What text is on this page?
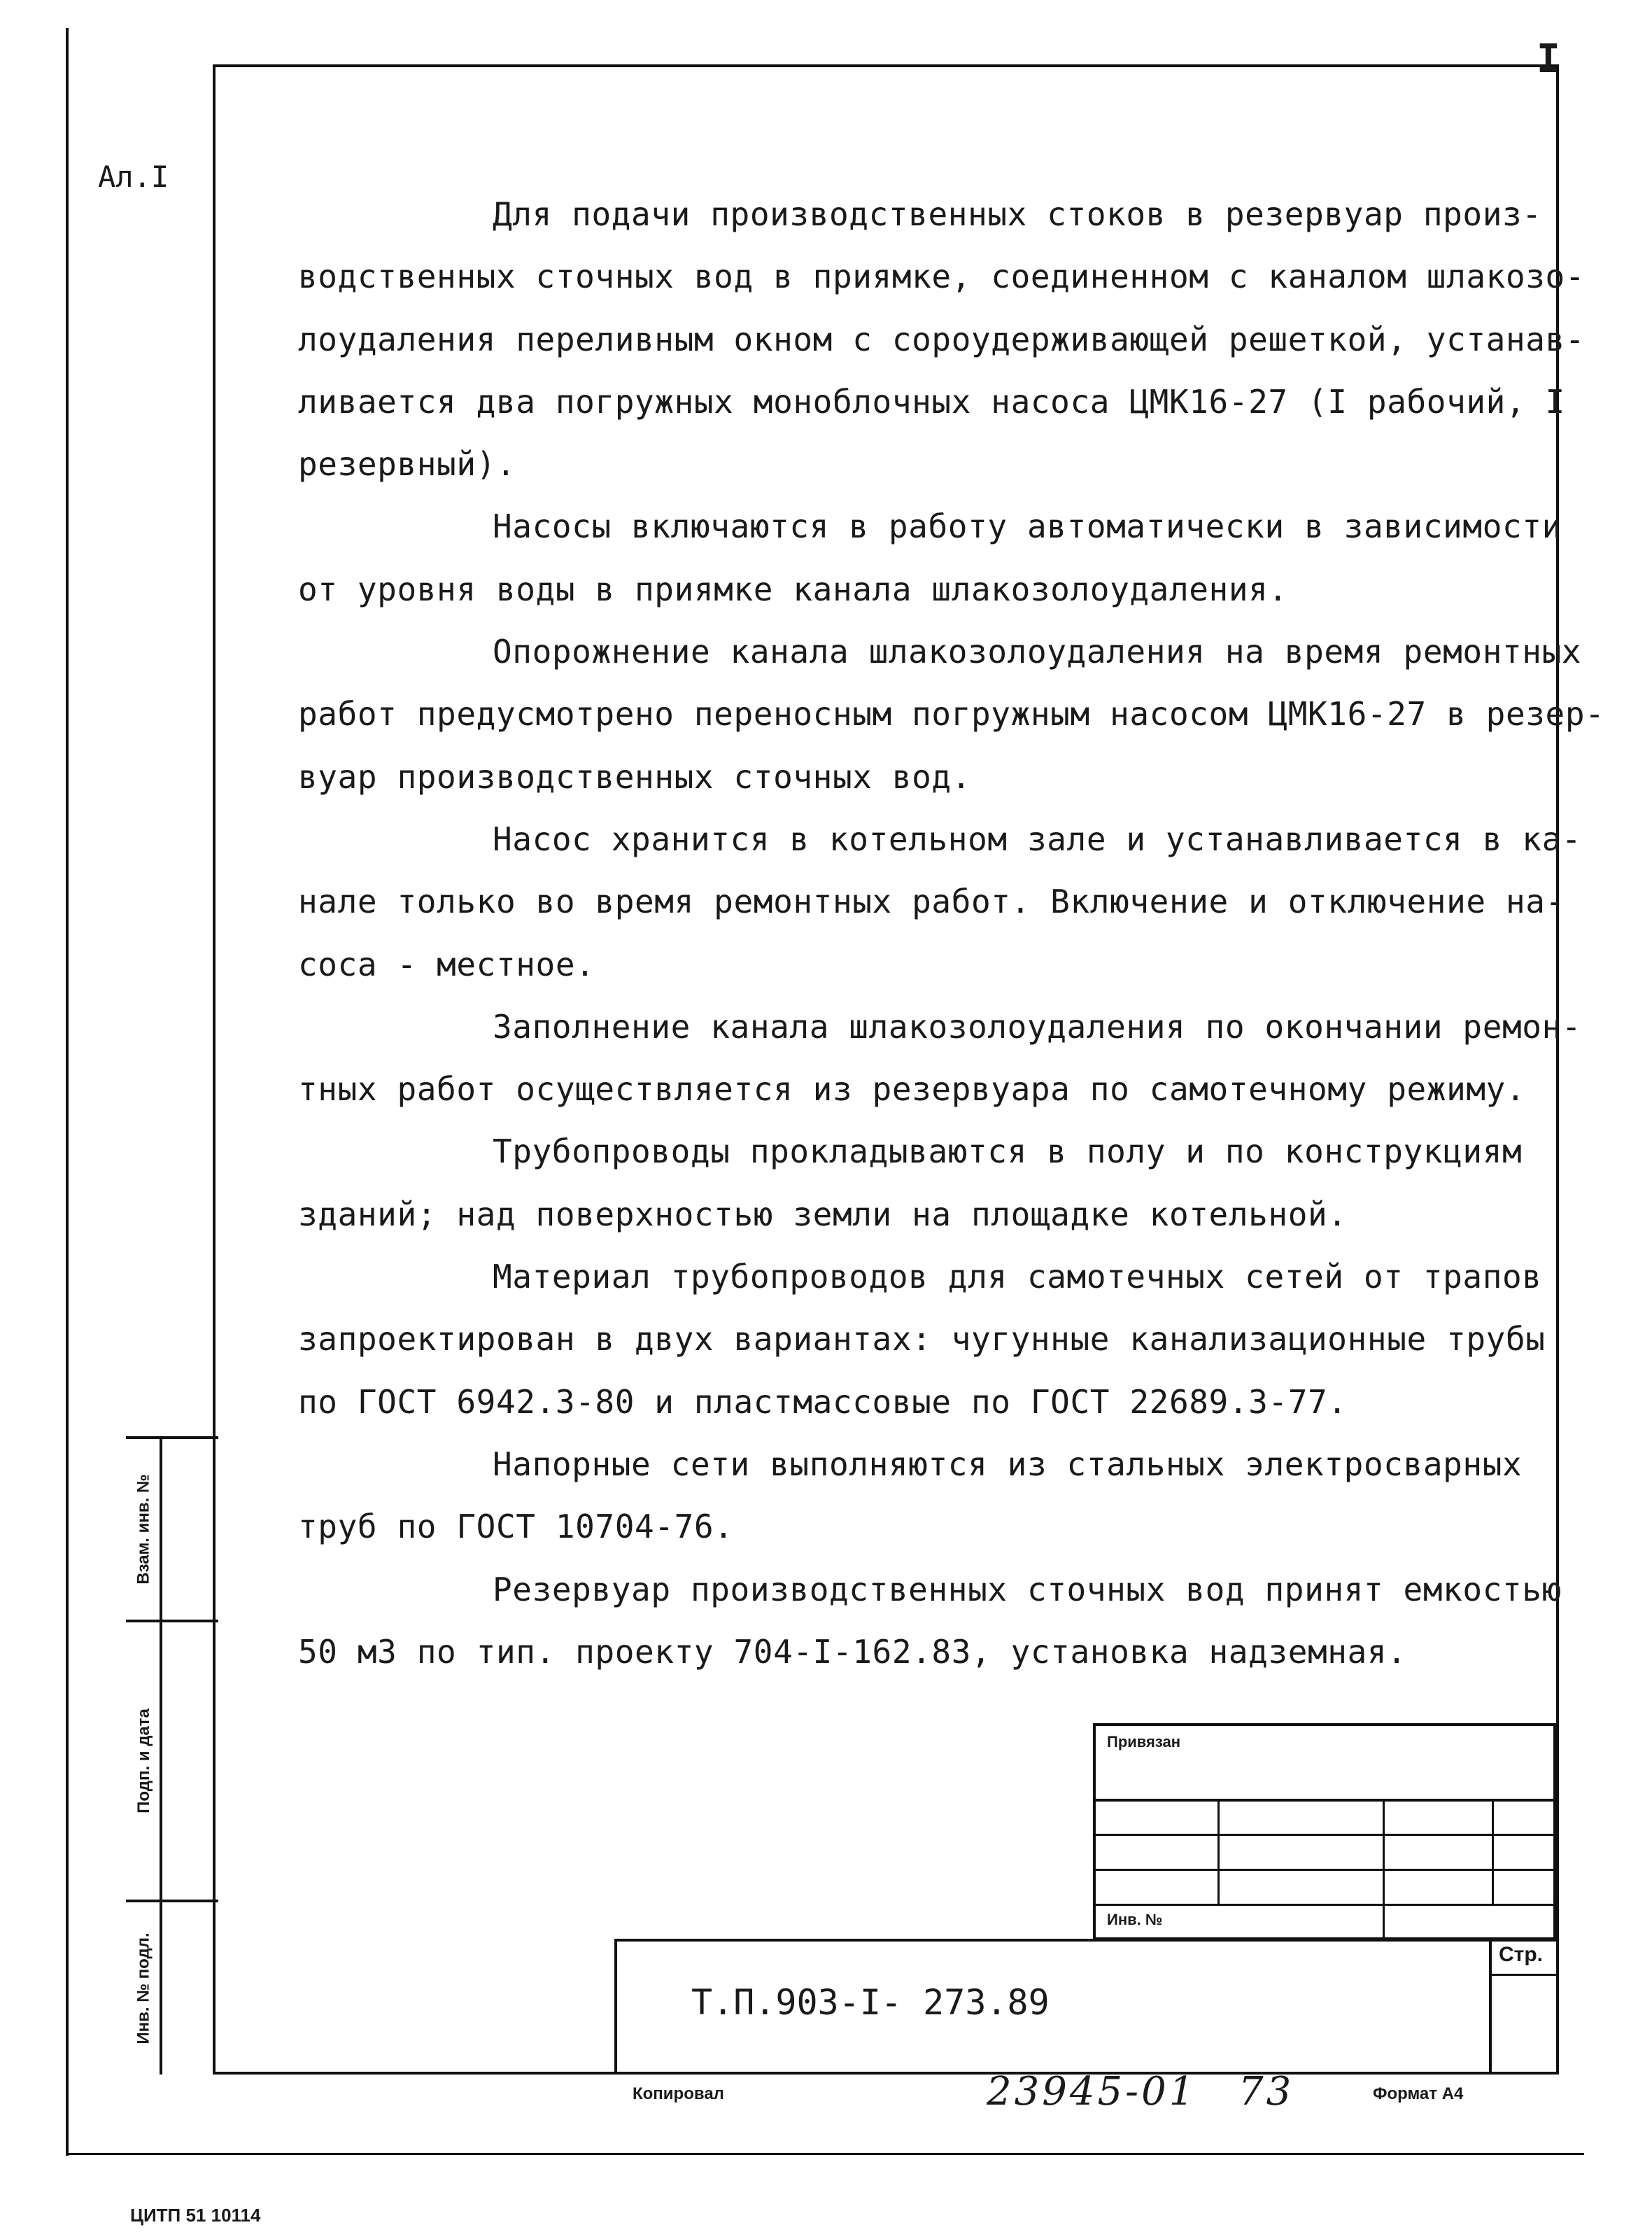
Ал.I
I
Для подачи производственных стоков в резервуар произ-
водственных сточных вод в приямке, соединенном с каналом шлакозо-
лоудаления переливным окном с сороудерживающей решеткой, устанав-
ливается два погружных моноблочных насоса ЦМК16-27 (I рабочий, I
резервный).
Насосы включаются в работу автоматически в зависимости
от уровня воды в приямке канала шлакозолоудаления.
Опорожнение канала шлакозолоудаления на время ремонтных
работ предусмотрено переносным погружным насосом ЦМК16-27 в резер-
вуар производственных сточных вод.
Насос хранится в котельном зале и устанавливается в ка-
нале только во время ремонтных работ. Включение и отключение на-
соса - местное.
Заполнение канала шлакозолоудаления по окончании ремон-
тных работ осуществляется из резервуара по самотечному режиму.
Трубопроводы прокладываются в полу и по конструкциям
зданий; над поверхностью земли на площадке котельной.
Материал трубопроводов для самотечных сетей от трапов
запроектирован в двух вариантах: чугунные канализационные трубы
по ГОСТ 6942.3-80 и пластмассовые по ГОСТ 22689.3-77.
Напорные сети выполняются из стальных электросварных
труб по ГОСТ 10704-76.
Резервуар производственных сточных вод принят емкостью
50 м3 по тип. проекту 704-I-162.83, установка надземная.
Взам. инв. №
Подп. и дата
Инв. № подл.
Привязан
Инв. №
Стр.
Т.П.903-I- 273.89
Копировал	23945-01 73	Формат А4
ЦИТП 51 10114
